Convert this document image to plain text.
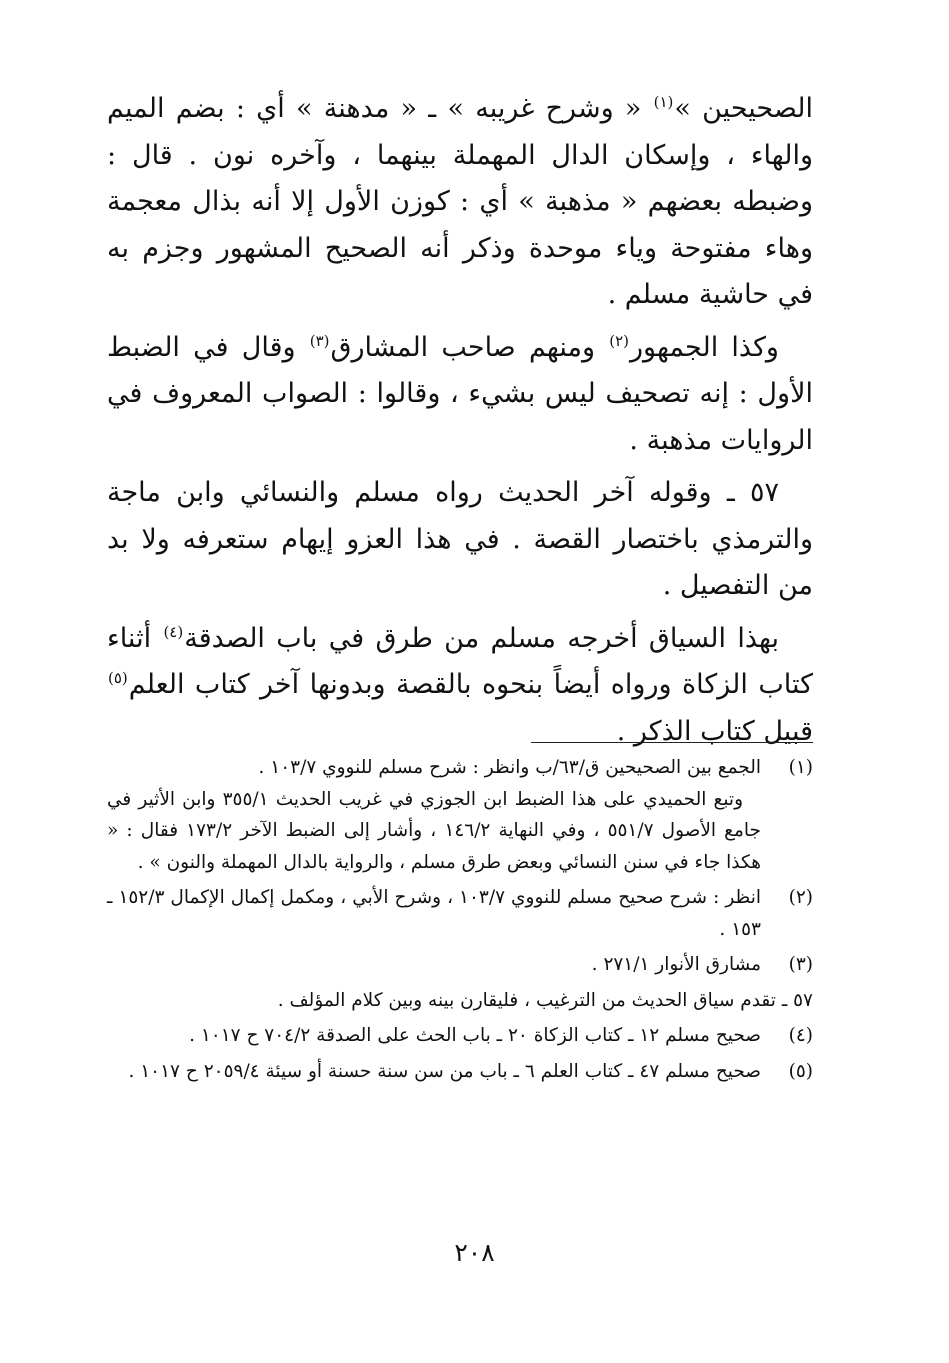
الصحيحين »$^{(١)}$ « وشرح غريبه » ـ « مدهنة » أي : بضم الميم والهاء ، وإسكان الدال المهملة بينهما ، وآخره نون . قال : وضبطه بعضهم « مذهبة » أي : كوزن الأول إلا أنه بذال معجمة وهاء مفتوحة وياء موحدة وذكر أنه الصحيح المشهور وجزم به في حاشية مسلم .

وكذا الجمهور$^{(٢)}$ ومنهم صاحب المشارق$^{(٣)}$ وقال في الضبط الأول : إنه تصحيف ليس بشيء ، وقالوا : الصواب المعروف في الروايات مذهبة .

٥٧ ـ وقوله آخر الحديث رواه مسلم والنسائي وابن ماجة والترمذي باختصار القصة . في هذا العزو إيهام ستعرفه ولا بد من التفصيل .

بهذا السياق أخرجه مسلم من طرق في باب الصدقة$^{(٤)}$ أثناء كتاب الزكاة ورواه أيضاً بنحوه بالقصة وبدونها آخر كتاب العلم$^{(٥)}$ قبيل كتاب الذكر .

(١)

الجمع بين الصحيحين ق/٦٣/ب وانظر : شرح مسلم للنووي ١٠٣/٧ .

وتبع الحميدي على هذا الضبط ابن الجوزي في غريب الحديث ٣٥٥/١ وابن الأثير في جامع الأصول ٥٥١/٧ ، وفي النهاية ١٤٦/٢ ، وأشار إلى الضبط الآخر ١٧٣/٢ فقال : « هكذا جاء في سنن النسائي وبعض طرق مسلم ، والرواية بالدال المهملة والنون » .

(٢)

انظر : شرح صحيح مسلم للنووي ١٠٣/٧ ، وشرح الأبي ، ومكمل إكمال الإكمال ١٥٢/٣ ـ ١٥٣ .

(٣)

مشارق الأنوار ٢٧١/١ .

٥٧ ـ تقدم سياق الحديث من الترغيب ، فليقارن بينه وبين كلام المؤلف .

(٤)

صحيح مسلم ١٢ ـ كتاب الزكاة ٢٠ ـ باب الحث على الصدقة ٧٠٤/٢ ح ١٠١٧ .

(٥)

صحيح مسلم ٤٧ ـ كتاب العلم ٦ ـ باب من سن سنة حسنة أو سيئة ٢٠٥٩/٤ ح ١٠١٧ .

٢٠٨
